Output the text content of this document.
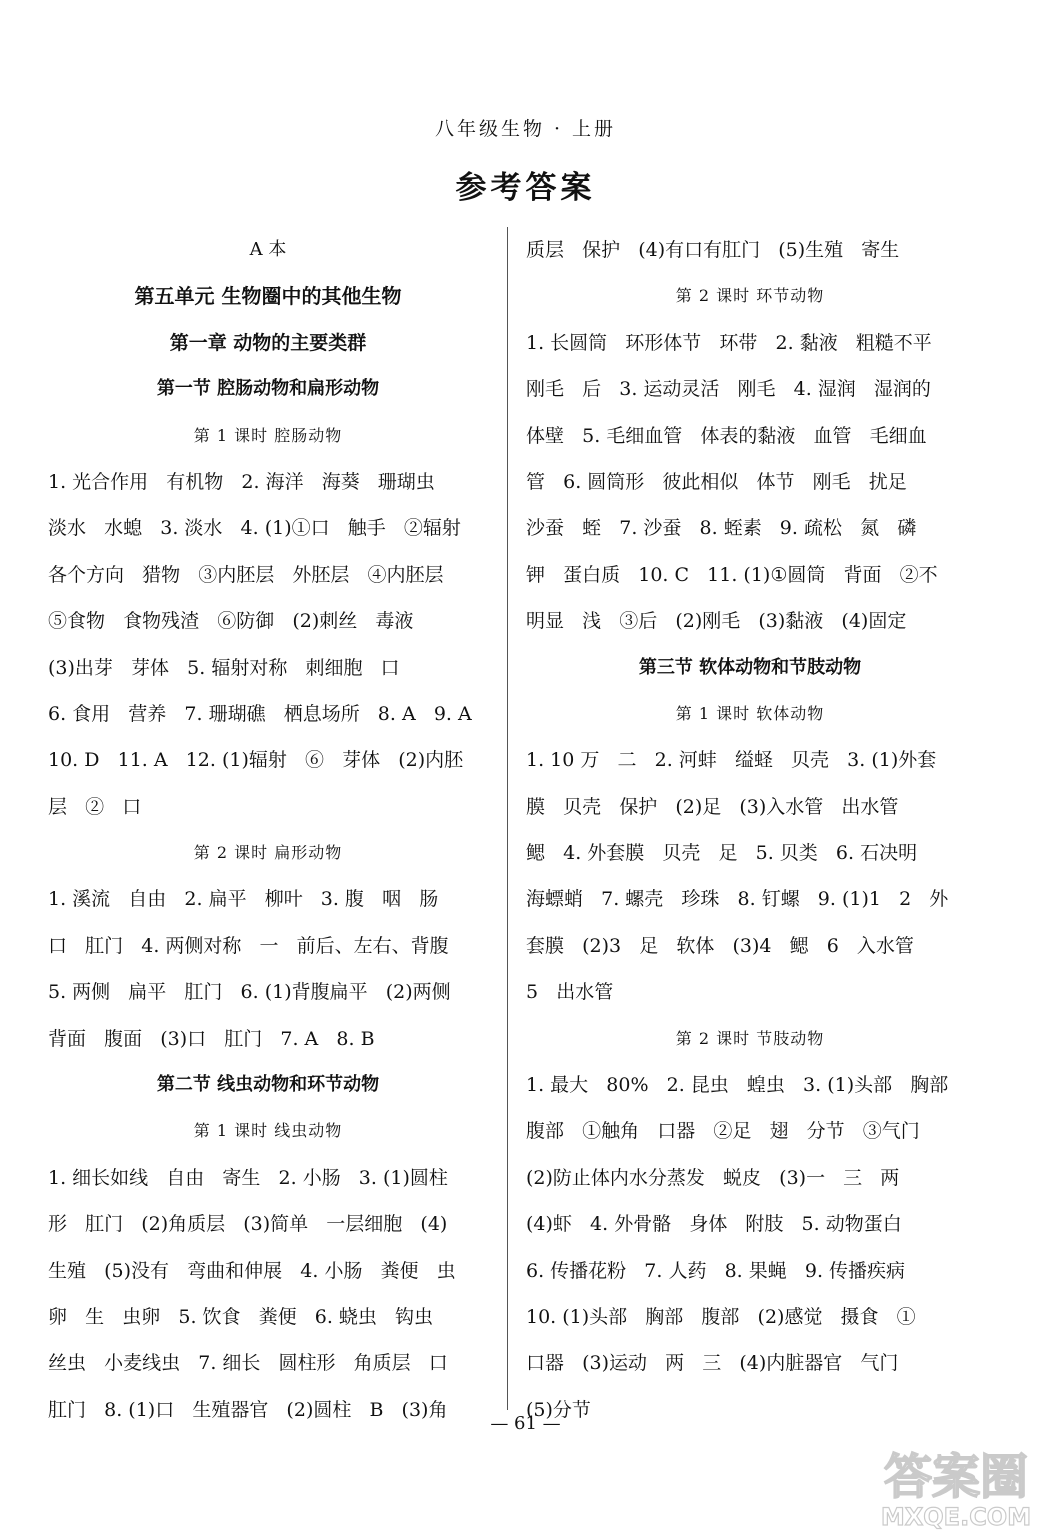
八年级生物 · 上册
参考答案
A 本
第五单元 生物圈中的其他生物
第一章 动物的主要类群
第一节 腔肠动物和扁形动物
第 1 课时 腔肠动物
1. 光合作用   有机物   2. 海洋   海葵   珊瑚虫
淡水   水螅   3. 淡水   4. (1)①口   触手   ②辐射
各个方向   猎物   ③内胚层   外胚层   ④内胚层
⑤食物   食物残渣   ⑥防御   (2)刺丝   毒液
(3)出芽   芽体   5. 辐射对称   刺细胞   口
6. 食用   营养   7. 珊瑚礁   栖息场所   8. A   9. A
10. D   11. A   12. (1)辐射   ⑥   芽体   (2)内胚
层   ②   口
第 2 课时 扁形动物
1. 溪流   自由   2. 扁平   柳叶   3. 腹   咽   肠
口   肛门   4. 两侧对称   一   前后、左右、背腹
5. 两侧   扁平   肛门   6. (1)背腹扁平   (2)两侧
背面   腹面   (3)口   肛门   7. A   8. B
第二节 线虫动物和环节动物
第 1 课时 线虫动物
1. 细长如线   自由   寄生   2. 小肠   3. (1)圆柱
形   肛门   (2)角质层   (3)简单   一层细胞   (4)
生殖   (5)没有   弯曲和伸展   4. 小肠   粪便   虫
卵   生   虫卵   5. 饮食   粪便   6. 蛲虫   钩虫
丝虫   小麦线虫   7. 细长   圆柱形   角质层   口
肛门   8. (1)口   生殖器官   (2)圆柱   B   (3)角
质层   保护   (4)有口有肛门   (5)生殖   寄生
第 2 课时 环节动物
1. 长圆筒   环形体节   环带   2. 黏液   粗糙不平
刚毛   后   3. 运动灵活   刚毛   4. 湿润   湿润的
体壁   5. 毛细血管   体表的黏液   血管   毛细血
管   6. 圆筒形   彼此相似   体节   刚毛   扰足
沙蚕   蛭   7. 沙蚕   8. 蛭素   9. 疏松   氮   磷
钾   蛋白质   10. C   11. (1)①圆筒   背面   ②不
明显   浅   ③后   (2)刚毛   (3)黏液   (4)固定
第三节 软体动物和节肢动物
第 1 课时 软体动物
1. 10 万   二   2. 河蚌   缢蛏   贝壳   3. (1)外套
膜   贝壳   保护   (2)足   (3)入水管   出水管
鳃   4. 外套膜   贝壳   足   5. 贝类   6. 石决明
海螵蛸   7. 螺壳   珍珠   8. 钉螺   9. (1)1   2   外
套膜   (2)3   足   软体   (3)4   鳃   6   入水管
5   出水管
第 2 课时 节肢动物
1. 最大   80%   2. 昆虫   蝗虫   3. (1)头部   胸部
腹部   ①触角   口器   ②足   翅   分节   ③气门
(2)防止体内水分蒸发   蜕皮   (3)一   三   两
(4)虾   4. 外骨骼   身体   附肢   5. 动物蛋白
6. 传播花粉   7. 人药   8. 果蝇   9. 传播疾病
10. (1)头部   胸部   腹部   (2)感觉   摄食   ①
口器   (3)运动   两   三   (4)内脏器官   气门
(5)分节
— 61 —
答案圈
MXQE.COM
